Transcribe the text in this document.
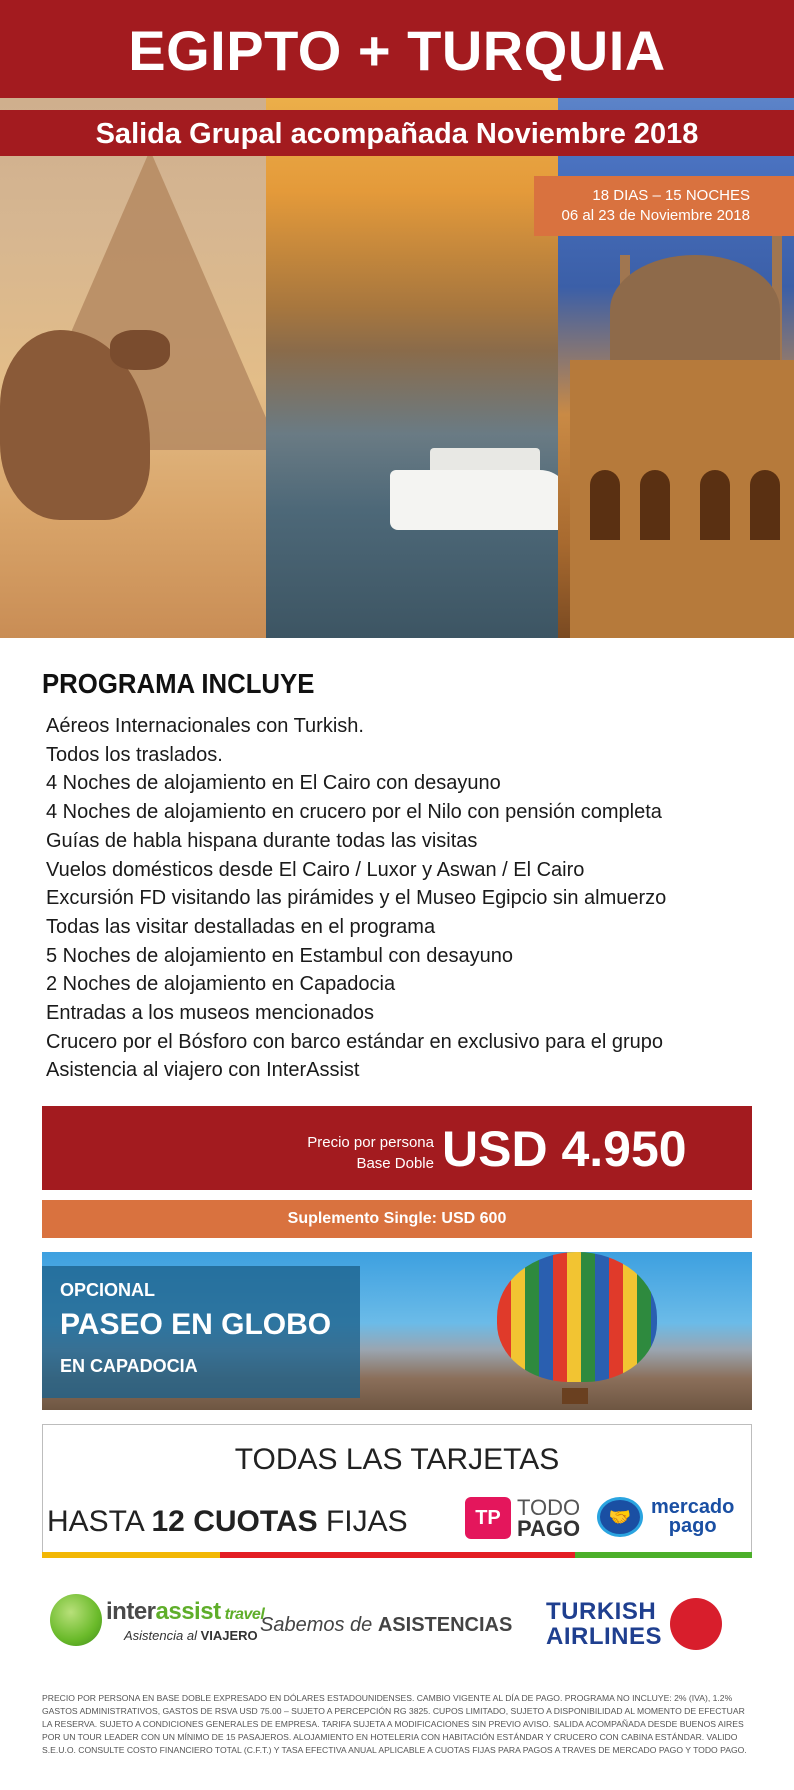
EGIPTO + TURQUIA
Salida Grupal acompañada Noviembre 2018
18 DIAS – 15 NOCHES
06 al 23 de Noviembre 2018
PROGRAMA INCLUYE
Aéreos Internacionales con Turkish.
Todos los traslados.
4 Noches de alojamiento en El Cairo con desayuno
4 Noches de alojamiento en crucero por el Nilo con pensión completa
Guías de habla hispana durante todas las visitas
Vuelos domésticos desde El Cairo / Luxor y Aswan / El Cairo
Excursión FD visitando las pirámides y el Museo Egipcio sin almuerzo
Todas las visitar destalladas en el programa
5 Noches de alojamiento en Estambul con desayuno
2 Noches de alojamiento en Capadocia
Entradas a los museos mencionados
Crucero por el Bósforo con barco estándar en exclusivo para el grupo
Asistencia al viajero con InterAssist
Precio por persona
Base Doble USD 4.950
Suplemento Single: USD 600
OPCIONAL
PASEO EN GLOBO
EN CAPADOCIA
TODAS LAS TARJETAS
HASTA 12 CUOTAS FIJAS	TP TODO
PAGO	🤝 mercado
pago
interassist travel
Asistencia al VIAJERO Sabemos de ASISTENCIAS TURKISH
AIRLINES
PRECIO POR PERSONA EN BASE DOBLE EXPRESADO EN DÓLARES ESTADOUNIDENSES. CAMBIO VIGENTE AL DÍA DE PAGO. PROGRAMA NO INCLUYE: 2% (IVA), 1.2% GASTOS ADMINISTRATIVOS, GASTOS DE RSVA USD 75.00 – SUJETO A PERCEPCIÓN RG 3825. CUPOS LIMITADO, SUJETO A DISPONIBILIDAD AL MOMENTO DE EFECTUAR LA RESERVA. SUJETO A CONDICIONES GENERALES DE EMPRESA. TARIFA SUJETA A MODIFICACIONES SIN PREVIO AVISO. SALIDA ACOMPAÑADA DESDE BUENOS AIRES POR UN TOUR LEADER CON UN MÍNIMO DE 15 PASAJEROS. ALOJAMIENTO EN HOTELERIA CON HABITACIÓN ESTÁNDAR Y CRUCERO CON CABINA ESTÁNDAR. VALIDO S.E.U.O. CONSULTE COSTO FINANCIERO TOTAL (C.F.T.) Y TASA EFECTIVA ANUAL APLICABLE A CUOTAS FIJAS PARA PAGOS A TRAVES DE MERCADO PAGO Y TODO PAGO.
